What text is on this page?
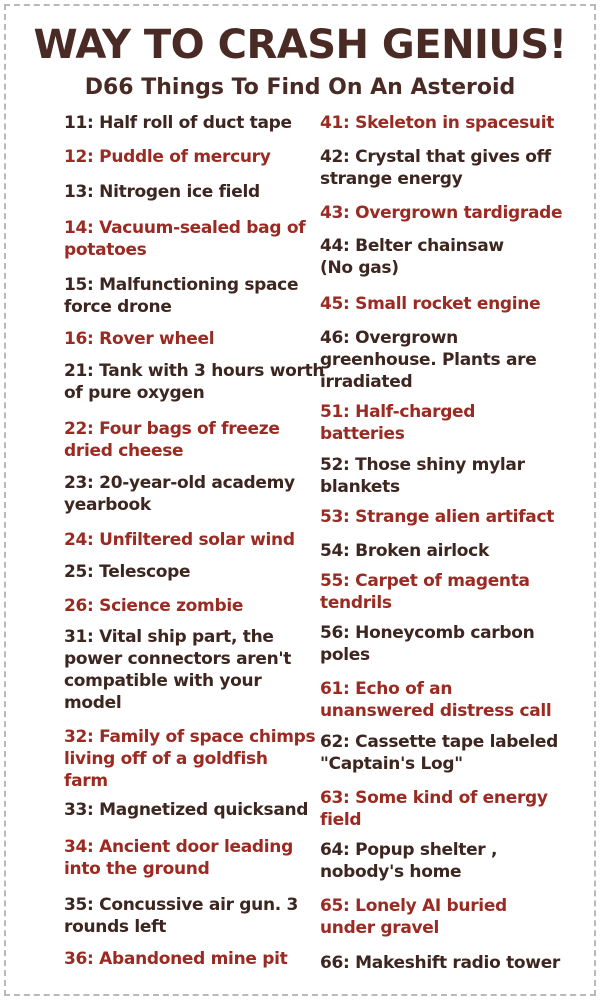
WAY TO CRASH GENIUS!
D66 Things To Find On An Asteroid
11: Half roll of duct tape
12: Puddle of mercury
13: Nitrogen ice field
14: Vacuum-sealed bag of
potatoes
15: Malfunctioning space
force drone
16: Rover wheel
21: Tank with 3 hours worth
of pure oxygen
22: Four bags of freeze
dried cheese
23: 20-year-old academy
yearbook
24: Unfiltered solar wind
25: Telescope
26: Science zombie
31: Vital ship part, the
power connectors aren't
compatible with your
model
32: Family of space chimps
living off of a goldfish
farm
33: Magnetized quicksand
34: Ancient door leading
into the ground
35: Concussive air gun. 3
rounds left
36: Abandoned mine pit
41: Skeleton in spacesuit
42: Crystal that gives off
strange energy
43: Overgrown tardigrade
44: Belter chainsaw
(No gas)
45: Small rocket engine
46: Overgrown
greenhouse. Plants are
irradiated
51: Half-charged
batteries
52: Those shiny mylar
blankets
53: Strange alien artifact
54: Broken airlock
55: Carpet of magenta
tendrils
56: Honeycomb carbon
poles
61: Echo of an
unanswered distress call
62: Cassette tape labeled
"Captain's Log"
63: Some kind of energy
field
64: Popup shelter ,
nobody's home
65: Lonely AI buried
under gravel
66: Makeshift radio tower
